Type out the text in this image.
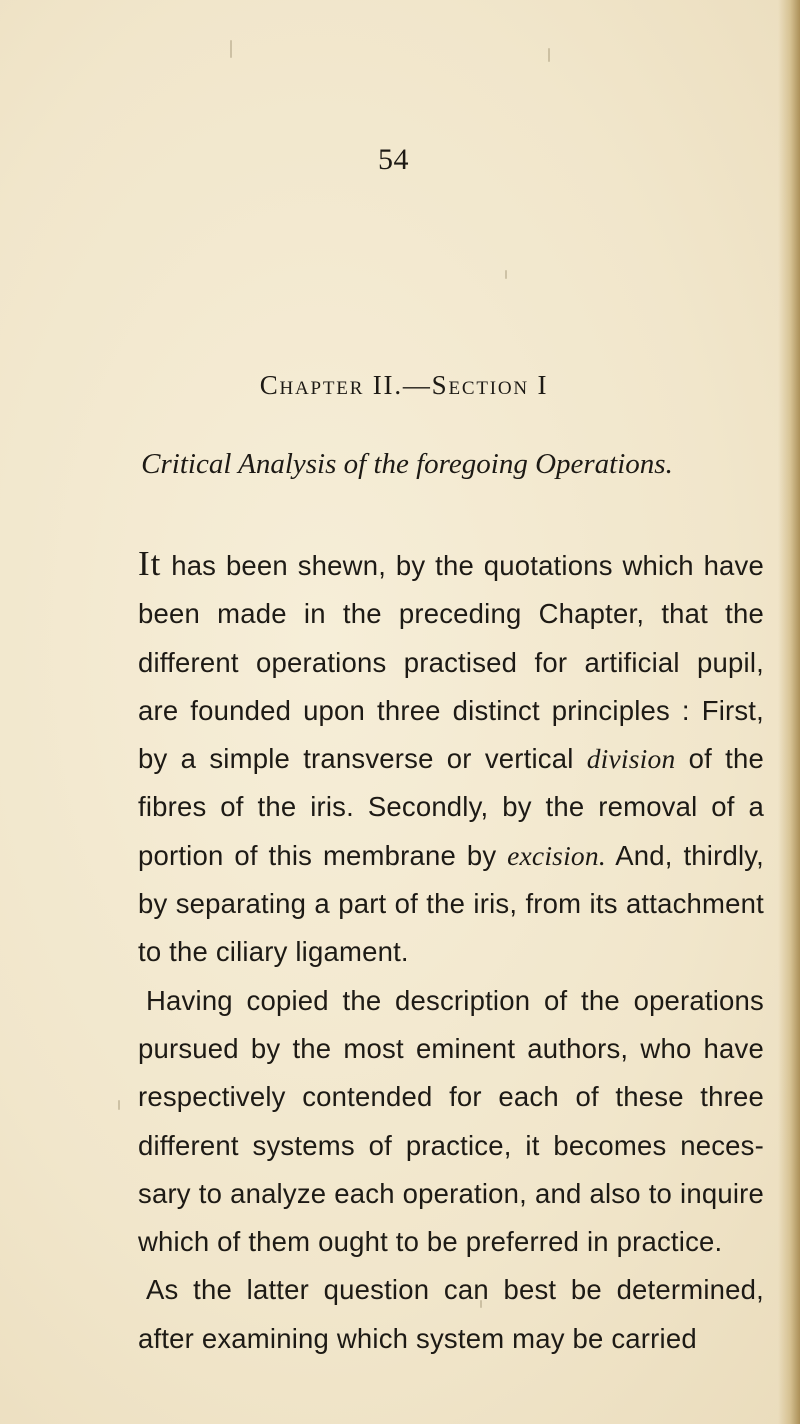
54
Chapter II.—Section I
Critical Analysis of the foregoing Operations.

It has been shewn, by the quotations which have been made in the preceding Chapter, that the different operations practised for artificial pupil, are founded upon three distinct principles : First, by a simple transverse or vertical division of the fibres of the iris. Secondly, by the removal of a portion of this membrane by excision. And, thirdly, by separating a part of the iris, from its attachment to the ciliary ligament.

Having copied the description of the operations pursued by the most eminent authors, who have respectively contended for each of these three different systems of practice, it becomes neces- sary to analyze each operation, and also to inquire which of them ought to be preferred in practice.

As the latter question can best be determined, after examining which system may be carried
